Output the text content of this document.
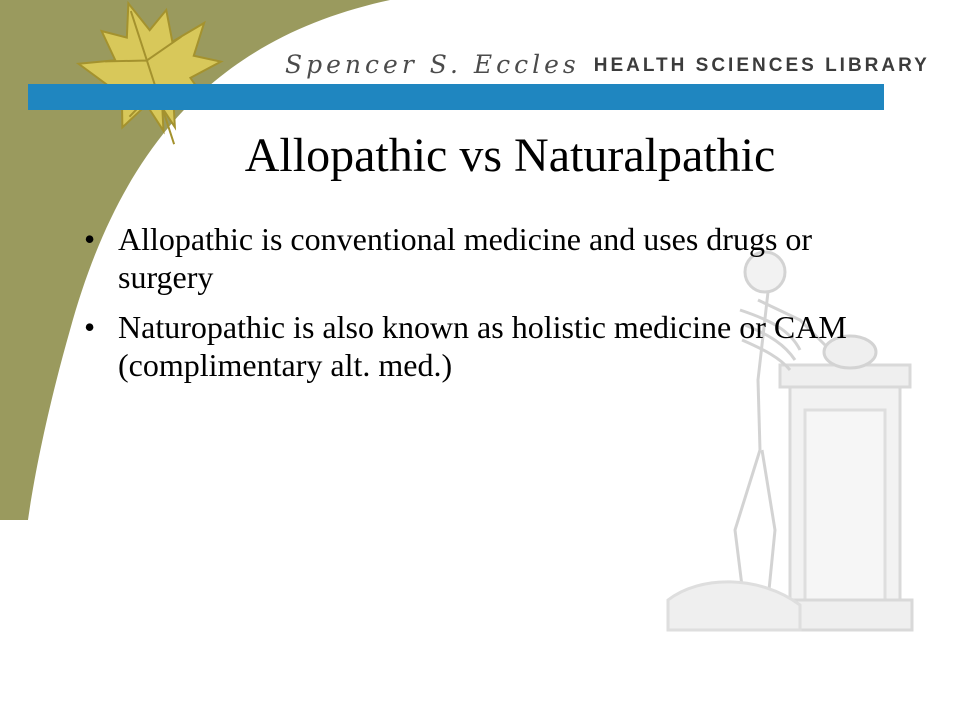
Spencer S. Eccles HEALTH SCIENCES LIBRARY
Allopathic vs Naturalpathic
• Allopathic is conventional medicine and uses drugs or surgery
• Naturopathic is also known as holistic medicine or CAM (complimentary alt. med.)
